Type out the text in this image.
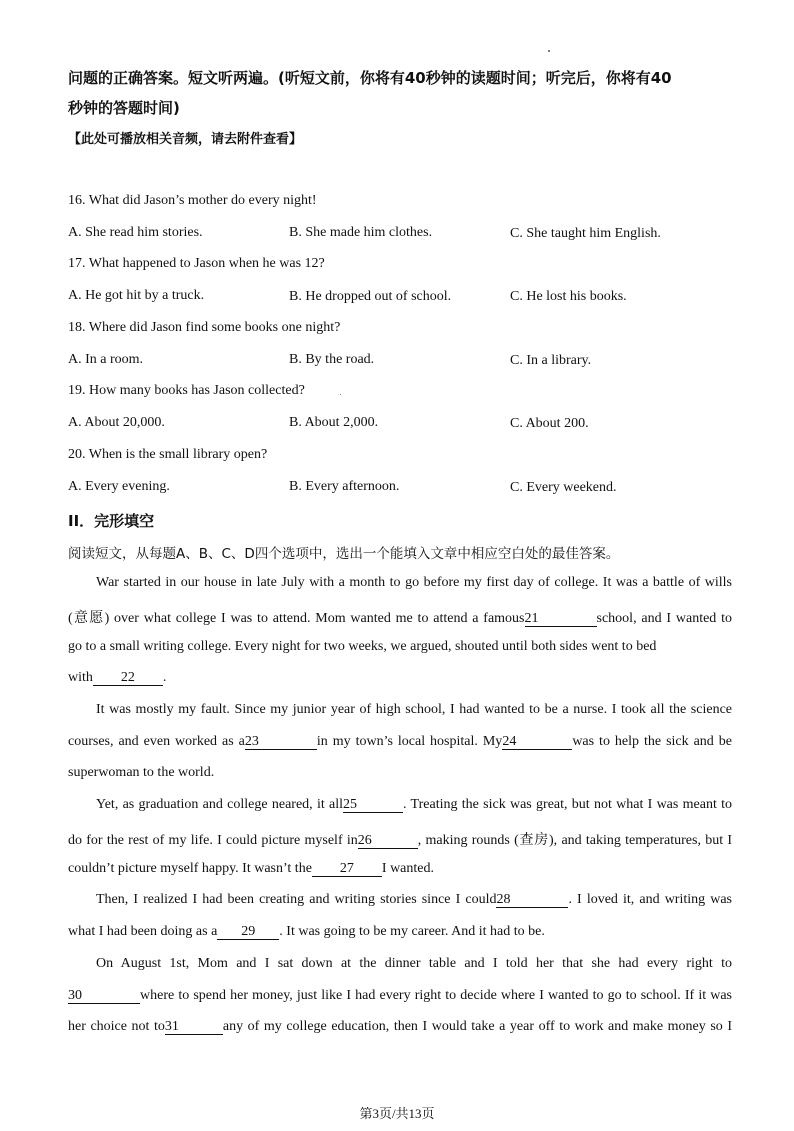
问题的正确答案。短文听两遍。(听短文前，你将有40秒钟的读题时间；听完后，你将有40
秒钟的答题时间)
【此处可播放相关音频，请去附件查看】
16. What did Jason’s mother do every night!
A. She read him stories.	B. She made him clothes.	C. She taught him English.
17. What happened to Jason when he was 12?
A. He got hit by a truck.	B. He dropped out of school.	C. He lost his books.
18. Where did Jason find some books one night?
A. In a room.	B. By the road.	C. In a library.
19. How many books has Jason collected?
A. About 20,000.	B. About 2,000.	C. About 200.
20. When is the small library open?
A. Every evening.	B. Every afternoon.	C. Every weekend.
II．完形填空
阅读短文，从每题A、B、C、D四个选项中，选出一个能填入文章中相应空白处的最佳答案。
War started in our house in late July with a month to go before my first day of college. It was a battle of wills
(意愿) over what college I was to attend. Mom wanted me to attend a famous21	school, and I wanted to
go to a small writing college. Every night for two weeks, we argued, shouted until both sides went to bed
with 22 .
It was mostly my fault. Since my junior year of high school, I had wanted to be a nurse. I took all the science
courses, and even worked as a23	in my town’s local hospital. My24	was to help the sick and be
superwoman to the world.
Yet, as graduation and college neared, it all25	. Treating the sick was great, but not what I was meant to
do for the rest of my life. I could picture myself in26	, making rounds (查房), and taking temperatures, but I
couldn’t picture myself happy. It wasn’t the 27 I wanted.
Then, I realized I had been creating and writing stories since I could28	. I loved it, and writing was
what I had been doing as a 29 . It was going to be my career. And it had to be.
On August 1st, Mom and I sat down at the dinner table and I told her that she had every right to
30	where to spend her money, just like I had every right to decide where I wanted to go to school. If it was
her choice not to31	any of my college education, then I would take a year off to work and make money so I
第3页/共13页
